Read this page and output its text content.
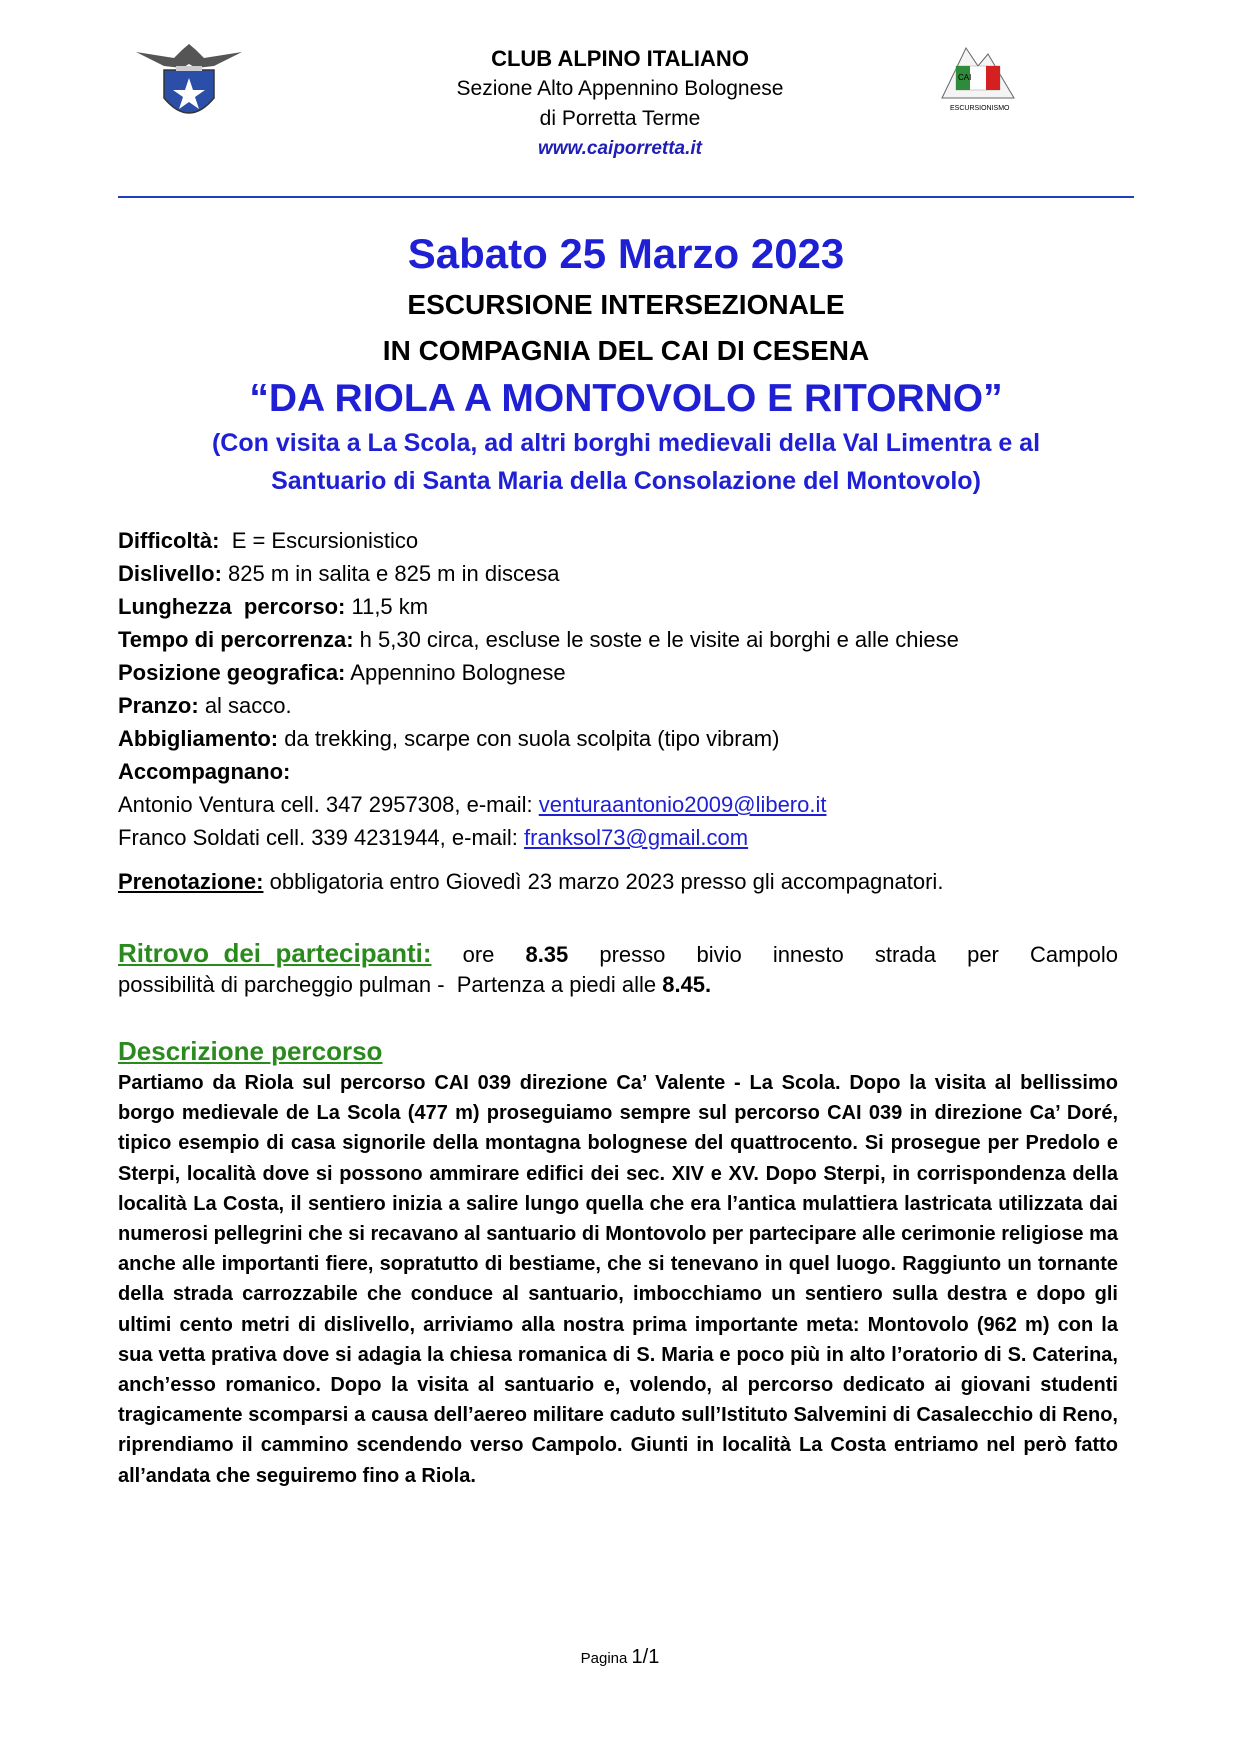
CAI
ESCURSIONISMO
CLUB ALPINO ITALIANO
Sezione Alto Appennino Bolognese
di Porretta Terme
www.caiporretta.it
Sabato 25 Marzo 2023
ESCURSIONE INTERSEZIONALE
IN COMPAGNIA DEL CAI DI CESENA
“DA RIOLA A MONTOVOLO E RITORNO”
(Con visita a La Scola, ad altri borghi medievali della Val Limentra e al
Santuario di Santa Maria della Consolazione del Montovolo)
Difficoltà: E = Escursionistico
Dislivello: 825 m in salita e 825 m in discesa
Lunghezza  percorso: 11,5 km
Tempo di percorrenza: h 5,30 circa, escluse le soste e le visite ai borghi e alle chiese
Posizione geografica: Appennino Bolognese
Pranzo: al sacco.
Abbigliamento: da trekking, scarpe con suola scolpita (tipo vibram)
Accompagnano:
Antonio Ventura cell. 347 2957308, e-mail: venturaantonio2009@libero.it
Franco Soldati cell. 339 4231944, e-mail: franksol73@gmail.com
Prenotazione: obbligatoria entro Giovedì 23 marzo 2023 presso gli accompagnatori.
Ritrovo  dei  partecipanti: ore 8.35 presso bivio innesto strada per Campolo
possibilità di parcheggio pulman -  Partenza a piedi alle 8.45.
Descrizione percorso
Partiamo da Riola sul percorso CAI 039 direzione Ca’ Valente - La Scola. Dopo la visita al bellissimo borgo medievale de La Scola (477 m) proseguiamo sempre sul percorso CAI 039 in direzione Ca’ Doré, tipico esempio di casa signorile della montagna bolognese del quattrocento. Si prosegue per Predolo e Sterpi, località dove si possono ammirare edifici dei sec. XIV e XV. Dopo Sterpi, in corrispondenza della località La Costa, il sentiero inizia a salire lungo quella che era l’antica mulattiera lastricata utilizzata dai numerosi pellegrini che si recavano al santuario di Montovolo per partecipare alle cerimonie religiose ma anche alle importanti fiere, sopratutto di bestiame, che si tenevano in quel luogo. Raggiunto un tornante della strada carrozzabile che conduce al santuario, imbocchiamo un sentiero sulla destra e dopo gli ultimi cento metri di dislivello, arriviamo alla nostra prima importante meta: Montovolo (962 m) con la sua vetta prativa dove si adagia la chiesa romanica di S. Maria e poco più in alto l’oratorio di S. Caterina, anch’esso romanico. Dopo la visita al santuario e, volendo, al percorso dedicato ai giovani studenti tragicamente scomparsi a causa dell’aereo militare caduto sull’Istituto Salvemini di Casalecchio di Reno, riprendiamo il cammino scendendo verso Campolo. Giunti in località La Costa entriamo nel però fatto all’andata che seguiremo fino a Riola.
Pagina 1/1
